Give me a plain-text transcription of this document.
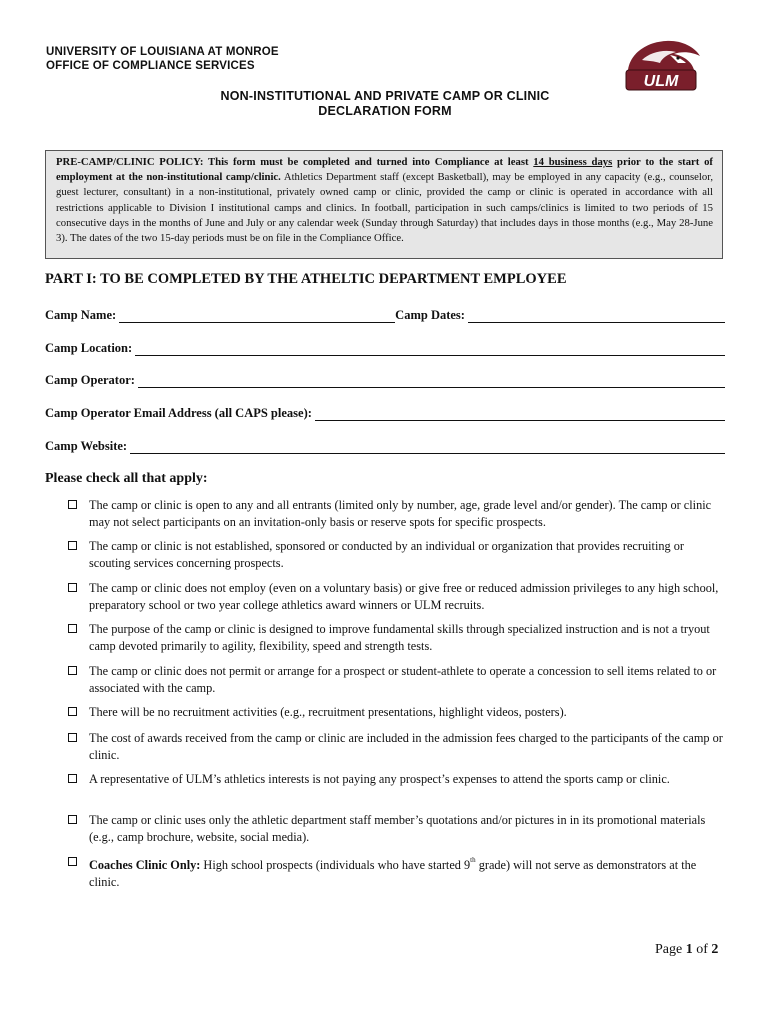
UNIVERSITY OF LOUISIANA AT MONROE
OFFICE OF COMPLIANCE SERVICES
ULM
NON-INSTITUTIONAL AND PRIVATE CAMP OR CLINIC
DECLARATION FORM
PRE-CAMP/CLINIC POLICY: This form must be completed and turned into Compliance at least 14 business days prior to the start of employment at the non-institutional camp/clinic. Athletics Department staff (except Basketball), may be employed in any capacity (e.g., counselor, guest lecturer, consultant) in a non-institutional, privately owned camp or clinic, provided the camp or clinic is operated in accordance with all restrictions applicable to Division I institutional camps and clinics. In football, participation in such camps/clinics is limited to two periods of 15 consecutive days in the months of June and July or any calendar week (Sunday through Saturday) that includes days in those months (e.g., May 28-June 3). The dates of the two 15-day periods must be on file in the Compliance Office.
PART I: TO BE COMPLETED BY THE ATHELTIC DEPARTMENT EMPLOYEE
Camp Name:	Camp Dates:
Camp Location:
Camp Operator:
Camp Operator Email Address (all CAPS please):
Camp Website:
Please check all that apply:
The camp or clinic is open to any and all entrants (limited only by number, age, grade level and/or gender). The camp or clinic may not select participants on an invitation-only basis or reserve spots for specific prospects.
The camp or clinic is not established, sponsored or conducted by an individual or organization that provides recruiting or scouting services concerning prospects.
The camp or clinic does not employ (even on a voluntary basis) or give free or reduced admission privileges to any high school, preparatory school or two year college athletics award winners or ULM recruits.
The purpose of the camp or clinic is designed to improve fundamental skills through specialized instruction and is not a tryout camp devoted primarily to agility, flexibility, speed and strength tests.
The camp or clinic does not permit or arrange for a prospect or student-athlete to operate a concession to sell items related to or associated with the camp.
There will be no recruitment activities (e.g., recruitment presentations, highlight videos, posters).
The cost of awards received from the camp or clinic are included in the admission fees charged to the participants of the camp or clinic.
A representative of ULM’s athletics interests is not paying any prospect’s expenses to attend the sports camp or clinic.
The camp or clinic uses only the athletic department staff member’s quotations and/or pictures in in its promotional materials (e.g., camp brochure, website, social media).
Coaches Clinic Only: High school prospects (individuals who have started 9th grade) will not serve as demonstrators at the clinic.
Page 1 of 2
